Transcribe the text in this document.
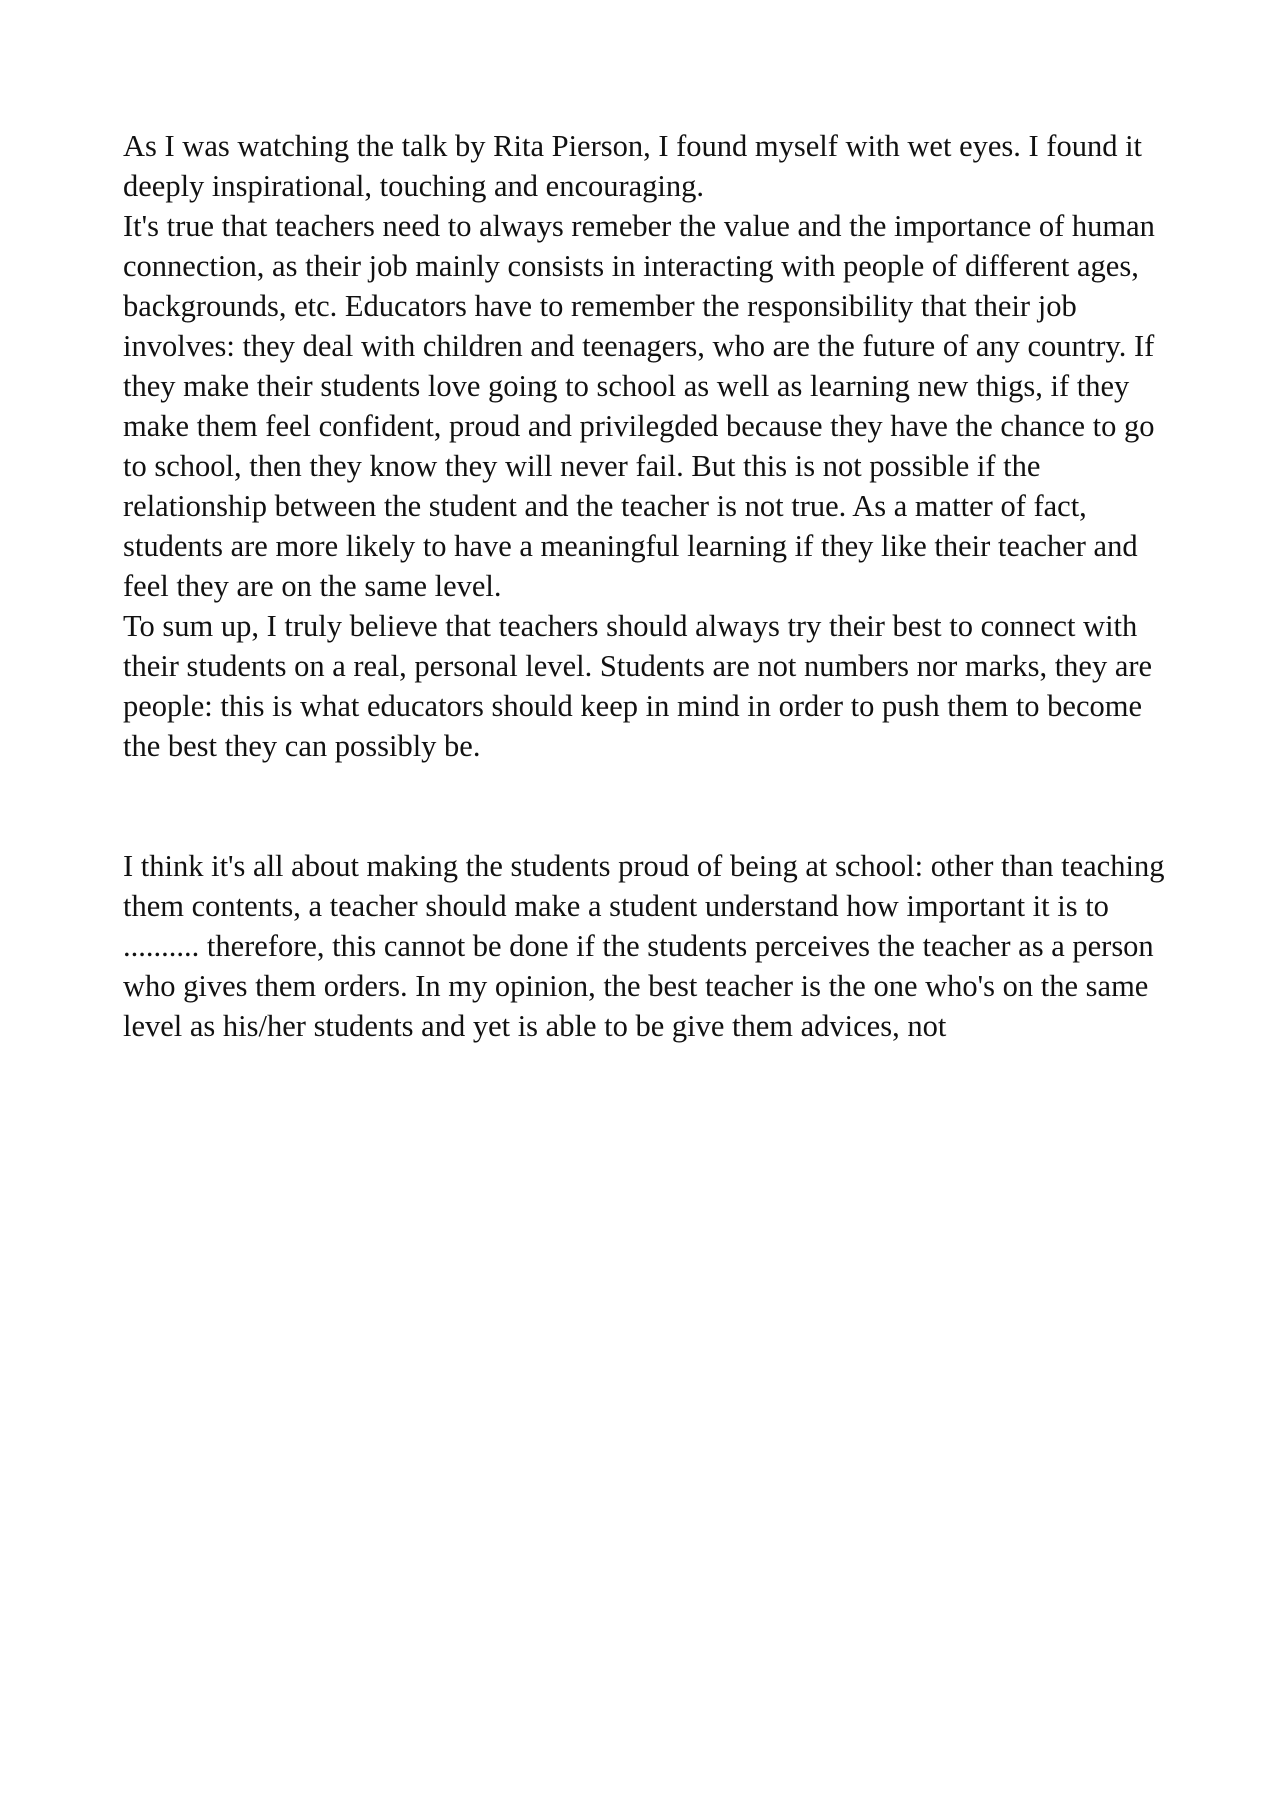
As I was watching the talk by Rita Pierson, I found myself with wet eyes. I found it deeply inspirational, touching and encouraging.

It's true that teachers need to always remeber the value and the importance of human connection, as their job mainly consists in interacting with people of different ages, backgrounds, etc. Educators have to remember the responsibility that their job involves: they deal with children and teenagers, who are the future of any country. If they make their students love going to school as well as learning new thigs, if they make them feel confident, proud and privilegded because they have the chance to go to school, then they know they will never fail. But this is not possible if the relationship between the student and the teacher is not true. As a matter of fact, students are more likely to have a meaningful learning if they like their teacher and feel they are on the same level.

To sum up, I truly believe that teachers should always try their best to connect with their students on a real, personal level. Students are not numbers nor marks, they are people: this is what educators should keep in mind in order to push them to become the best they can possibly be.

I think it's all about making the students proud of being at school: other than teaching them contents, a teacher should make a student understand how important it is to .......... therefore, this cannot be done if the students perceives the teacher as a person who gives them orders. In my opinion, the best teacher is the one who's on the same level as his/her students and yet is able to be give them advices, not
